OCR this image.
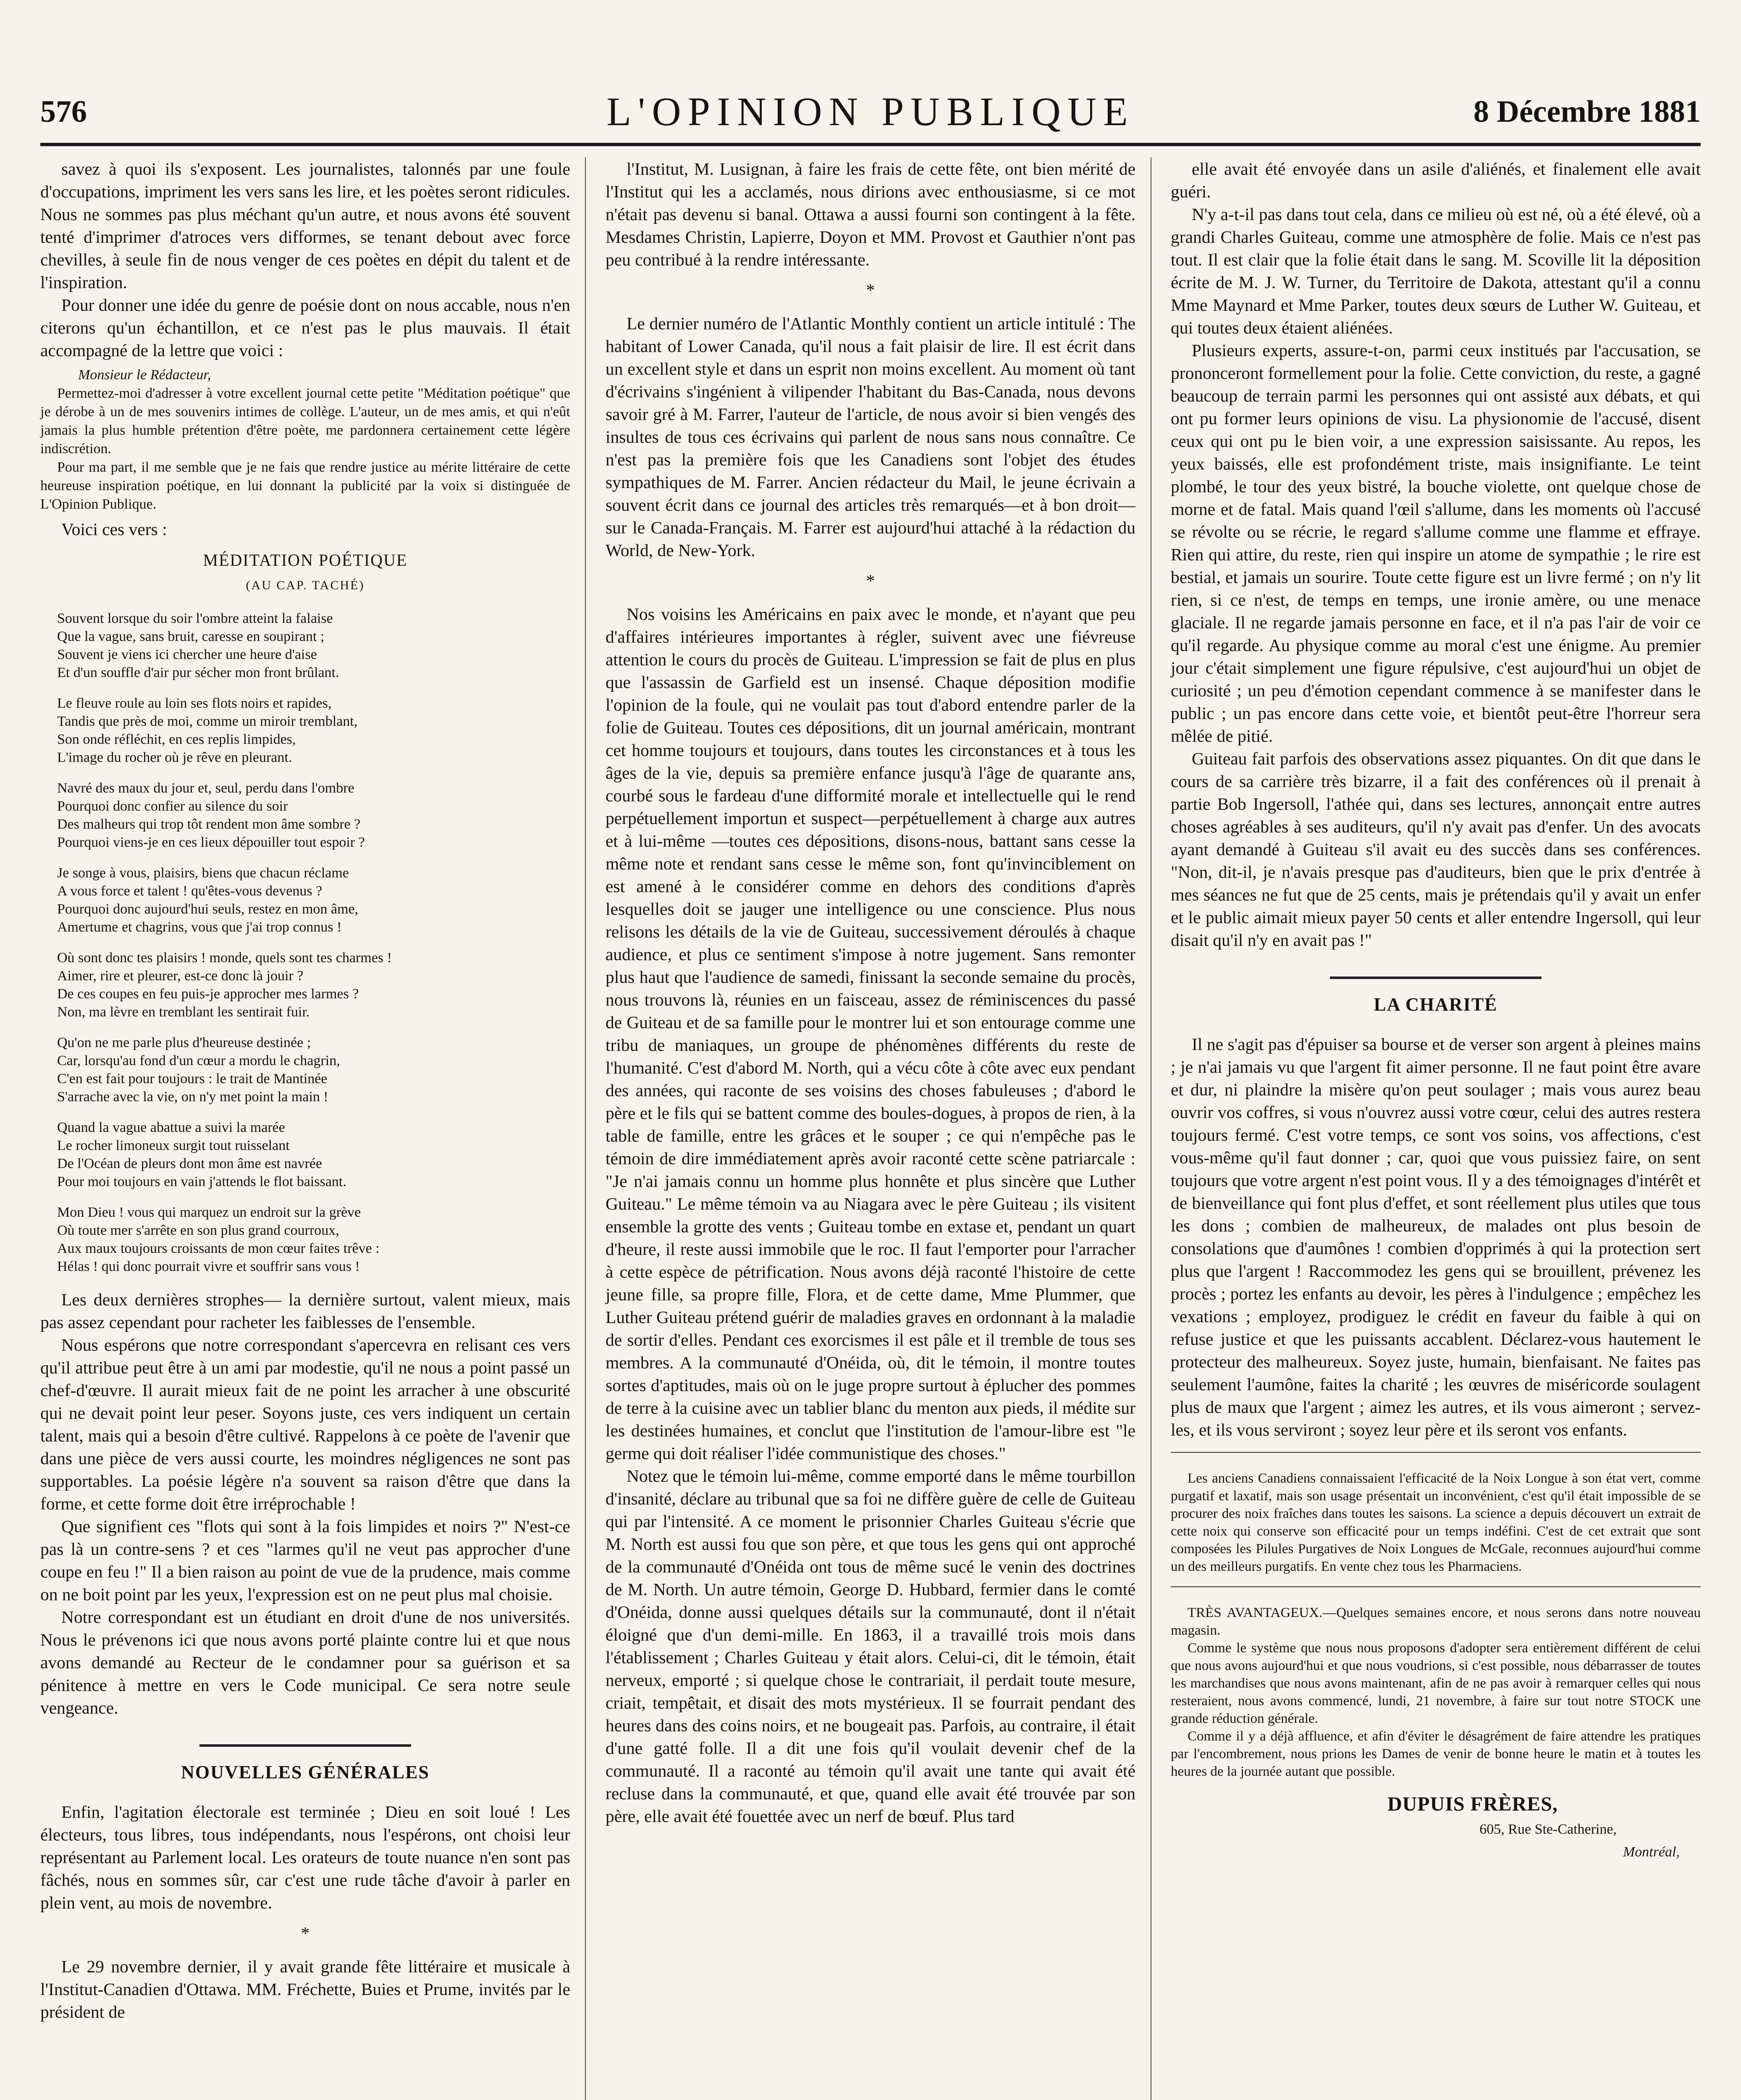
576	L'OPINION PUBLIQUE	8 Décembre 1881

savez à quoi ils s'exposent. Les journalistes, talonnés par une foule d'occupations, impriment les vers sans les lire, et les poètes seront ridicules. Nous ne sommes pas plus méchant qu'un autre, et nous avons été souvent tenté d'imprimer d'atroces vers difformes, se tenant debout avec force chevilles, à seule fin de nous venger de ces poètes en dépit du talent et de l'inspiration.

Pour donner une idée du genre de poésie dont on nous accable, nous n'en citerons qu'un échantillon, et ce n'est pas le plus mauvais. Il était accompagné de la lettre que voici :

Monsieur le Rédacteur,

Permettez-moi d'adresser à votre excellent journal cette petite "Méditation poétique" que je dérobe à un de mes souvenirs intimes de collège. L'auteur, un de mes amis, et qui n'eût jamais la plus humble prétention d'être poète, me pardonnera certainement cette légère indiscrétion.

Pour ma part, il me semble que je ne fais que rendre justice au mérite littéraire de cette heureuse inspiration poétique, en lui donnant la publicité par la voix si distinguée de L'Opinion Publique.

Voici ces vers :

MÉDITATION POÉTIQUE
(AU CAP. TACHÉ)
Souvent lorsque du soir l'ombre atteint la falaise
Que la vague, sans bruit, caresse en soupirant ;
Souvent je viens ici chercher une heure d'aise
Et d'un souffle d'air pur sécher mon front brûlant.
Le fleuve roule au loin ses flots noirs et rapides,
Tandis que près de moi, comme un miroir tremblant,
Son onde réfléchit, en ces replis limpides,
L'image du rocher où je rêve en pleurant.
Navré des maux du jour et, seul, perdu dans l'ombre
Pourquoi donc confier au silence du soir
Des malheurs qui trop tôt rendent mon âme sombre ?
Pourquoi viens-je en ces lieux dépouiller tout espoir ?
Je songe à vous, plaisirs, biens que chacun réclame
A vous force et talent ! qu'êtes-vous devenus ?
Pourquoi donc aujourd'hui seuls, restez en mon âme,
Amertume et chagrins, vous que j'ai trop connus !
Où sont donc tes plaisirs ! monde, quels sont tes charmes !
Aimer, rire et pleurer, est-ce donc là jouir ?
De ces coupes en feu puis-je approcher mes larmes ?
Non, ma lèvre en tremblant les sentirait fuir.
Qu'on ne me parle plus d'heureuse destinée ;
Car, lorsqu'au fond d'un cœur a mordu le chagrin,
C'en est fait pour toujours : le trait de Mantinée
S'arrache avec la vie, on n'y met point la main !
Quand la vague abattue a suivi la marée
Le rocher limoneux surgit tout ruisselant
De l'Océan de pleurs dont mon âme est navrée
Pour moi toujours en vain j'attends le flot baissant.
Mon Dieu ! vous qui marquez un endroit sur la grève
Où toute mer s'arrête en son plus grand courroux,
Aux maux toujours croissants de mon cœur faites trêve :
Hélas ! qui donc pourrait vivre et souffrir sans vous !

Les deux dernières strophes— la dernière surtout, valent mieux, mais pas assez cependant pour racheter les faiblesses de l'ensemble.

Nous espérons que notre correspondant s'apercevra en relisant ces vers qu'il attribue peut être à un ami par modestie, qu'il ne nous a point passé un chef-d'œuvre. Il aurait mieux fait de ne point les arracher à une obscurité qui ne devait point leur peser. Soyons juste, ces vers indiquent un certain talent, mais qui a besoin d'être cultivé. Rappelons à ce poète de l'avenir que dans une pièce de vers aussi courte, les moindres négligences ne sont pas supportables. La poésie légère n'a souvent sa raison d'être que dans la forme, et cette forme doit être irréprochable !

Que signifient ces "flots qui sont à la fois limpides et noirs ?" N'est-ce pas là un contre-sens ? et ces "larmes qu'il ne veut pas approcher d'une coupe en feu !" Il a bien raison au point de vue de la prudence, mais comme on ne boit point par les yeux, l'expression est on ne peut plus mal choisie.

Notre correspondant est un étudiant en droit d'une de nos universités. Nous le prévenons ici que nous avons porté plainte contre lui et que nous avons demandé au Recteur de le condamner pour sa guérison et sa pénitence à mettre en vers le Code municipal. Ce sera notre seule vengeance.

NOUVELLES GÉNÉRALES

Enfin, l'agitation électorale est terminée ; Dieu en soit loué ! Les électeurs, tous libres, tous indépendants, nous l'espérons, ont choisi leur représentant au Parlement local. Les orateurs de toute nuance n'en sont pas fâchés, nous en sommes sûr, car c'est une rude tâche d'avoir à parler en plein vent, au mois de novembre.

*

Le 29 novembre dernier, il y avait grande fête littéraire et musicale à l'Institut-Canadien d'Ottawa. MM. Fréchette, Buies et Prume, invités par le président de

l'Institut, M. Lusignan, à faire les frais de cette fête, ont bien mérité de l'Institut qui les a acclamés, nous dirions avec enthousiasme, si ce mot n'était pas devenu si banal. Ottawa a aussi fourni son contingent à la fête. Mesdames Christin, Lapierre, Doyon et MM. Provost et Gauthier n'ont pas peu contribué à la rendre intéressante.

*

Le dernier numéro de l'Atlantic Monthly contient un article intitulé : The habitant of Lower Canada, qu'il nous a fait plaisir de lire. Il est écrit dans un excellent style et dans un esprit non moins excellent. Au moment où tant d'écrivains s'ingénient à vilipender l'habitant du Bas-Canada, nous devons savoir gré à M. Farrer, l'auteur de l'article, de nous avoir si bien vengés des insultes de tous ces écrivains qui parlent de nous sans nous connaître. Ce n'est pas la première fois que les Canadiens sont l'objet des études sympathiques de M. Farrer. Ancien rédacteur du Mail, le jeune écrivain a souvent écrit dans ce journal des articles très remarqués—et à bon droit—sur le Canada-Français. M. Farrer est aujourd'hui attaché à la rédaction du World, de New-York.

*

Nos voisins les Américains en paix avec le monde, et n'ayant que peu d'affaires intérieures importantes à régler, suivent avec une fiévreuse attention le cours du procès de Guiteau. L'impression se fait de plus en plus que l'assassin de Garfield est un insensé. Chaque déposition modifie l'opinion de la foule, qui ne voulait pas tout d'abord entendre parler de la folie de Guiteau. Toutes ces dépositions, dit un journal américain, montrant cet homme toujours et toujours, dans toutes les circonstances et à tous les âges de la vie, depuis sa première enfance jusqu'à l'âge de quarante ans, courbé sous le fardeau d'une difformité morale et intellectuelle qui le rend perpétuellement importun et suspect—perpétuellement à charge aux autres et à lui-même —toutes ces dépositions, disons-nous, battant sans cesse la même note et rendant sans cesse le même son, font qu'invinciblement on est amené à le considérer comme en dehors des conditions d'après lesquelles doit se jauger une intelligence ou une conscience. Plus nous relisons les détails de la vie de Guiteau, successivement déroulés à chaque audience, et plus ce sentiment s'impose à notre jugement. Sans remonter plus haut que l'audience de samedi, finissant la seconde semaine du procès, nous trouvons là, réunies en un faisceau, assez de réminiscences du passé de Guiteau et de sa famille pour le montrer lui et son entourage comme une tribu de maniaques, un groupe de phénomènes différents du reste de l'humanité. C'est d'abord M. North, qui a vécu côte à côte avec eux pendant des années, qui raconte de ses voisins des choses fabuleuses ; d'abord le père et le fils qui se battent comme des boules-dogues, à propos de rien, à la table de famille, entre les grâces et le souper ; ce qui n'empêche pas le témoin de dire immédiatement après avoir raconté cette scène patriarcale : "Je n'ai jamais connu un homme plus honnête et plus sincère que Luther Guiteau." Le même témoin va au Niagara avec le père Guiteau ; ils visitent ensemble la grotte des vents ; Guiteau tombe en extase et, pendant un quart d'heure, il reste aussi immobile que le roc. Il faut l'emporter pour l'arracher à cette espèce de pétrification. Nous avons déjà raconté l'histoire de cette jeune fille, sa propre fille, Flora, et de cette dame, Mme Plummer, que Luther Guiteau prétend guérir de maladies graves en ordonnant à la maladie de sortir d'elles. Pendant ces exorcismes il est pâle et il tremble de tous ses membres. A la communauté d'Onéida, où, dit le témoin, il montre toutes sortes d'aptitudes, mais où on le juge propre surtout à éplucher des pommes de terre à la cuisine avec un tablier blanc du menton aux pieds, il médite sur les destinées humaines, et conclut que l'institution de l'amour-libre est "le germe qui doit réaliser l'idée communistique des choses."

Notez que le témoin lui-même, comme emporté dans le même tourbillon d'insanité, déclare au tribunal que sa foi ne diffère guère de celle de Guiteau qui par l'intensité. A ce moment le prisonnier Charles Guiteau s'écrie que M. North est aussi fou que son père, et que tous les gens qui ont approché de la communauté d'Onéida ont tous de même sucé le venin des doctrines de M. North. Un autre témoin, George D. Hubbard, fermier dans le comté d'Onéida, donne aussi quelques détails sur la communauté, dont il n'était éloigné que d'un demi-mille. En 1863, il a travaillé trois mois dans l'établissement ; Charles Guiteau y était alors. Celui-ci, dit le témoin, était nerveux, emporté ; si quelque chose le contrariait, il perdait toute mesure, criait, tempêtait, et disait des mots mystérieux. Il se fourrait pendant des heures dans des coins noirs, et ne bougeait pas. Parfois, au contraire, il était d'une gatté folle. Il a dit une fois qu'il voulait devenir chef de la communauté. Il a raconté au témoin qu'il avait une tante qui avait été recluse dans la communauté, et que, quand elle avait été trouvée par son père, elle avait été fouettée avec un nerf de bœuf. Plus tard

elle avait été envoyée dans un asile d'aliénés, et finalement elle avait guéri.

N'y a-t-il pas dans tout cela, dans ce milieu où est né, où a été élevé, où a grandi Charles Guiteau, comme une atmosphère de folie. Mais ce n'est pas tout. Il est clair que la folie était dans le sang. M. Scoville lit la déposition écrite de M. J. W. Turner, du Territoire de Dakota, attestant qu'il a connu Mme Maynard et Mme Parker, toutes deux sœurs de Luther W. Guiteau, et qui toutes deux étaient aliénées.

Plusieurs experts, assure-t-on, parmi ceux institués par l'accusation, se prononceront formellement pour la folie. Cette conviction, du reste, a gagné beaucoup de terrain parmi les personnes qui ont assisté aux débats, et qui ont pu former leurs opinions de visu. La physionomie de l'accusé, disent ceux qui ont pu le bien voir, a une expression saisissante. Au repos, les yeux baissés, elle est profondément triste, mais insignifiante. Le teint plombé, le tour des yeux bistré, la bouche violette, ont quelque chose de morne et de fatal. Mais quand l'œil s'allume, dans les moments où l'accusé se révolte ou se récrie, le regard s'allume comme une flamme et effraye. Rien qui attire, du reste, rien qui inspire un atome de sympathie ; le rire est bestial, et jamais un sourire. Toute cette figure est un livre fermé ; on n'y lit rien, si ce n'est, de temps en temps, une ironie amère, ou une menace glaciale. Il ne regarde jamais personne en face, et il n'a pas l'air de voir ce qu'il regarde. Au physique comme au moral c'est une énigme. Au premier jour c'était simplement une figure répulsive, c'est aujourd'hui un objet de curiosité ; un peu d'émotion cependant commence à se manifester dans le public ; un pas encore dans cette voie, et bientôt peut-être l'horreur sera mêlée de pitié.

Guiteau fait parfois des observations assez piquantes. On dit que dans le cours de sa carrière très bizarre, il a fait des conférences où il prenait à partie Bob Ingersoll, l'athée qui, dans ses lectures, annonçait entre autres choses agréables à ses auditeurs, qu'il n'y avait pas d'enfer. Un des avocats ayant demandé à Guiteau s'il avait eu des succès dans ses conférences. "Non, dit-il, je n'avais presque pas d'auditeurs, bien que le prix d'entrée à mes séances ne fut que de 25 cents, mais je prétendais qu'il y avait un enfer et le public aimait mieux payer 50 cents et aller entendre Ingersoll, qui leur disait qu'il n'y en avait pas !"

LA CHARITÉ

Il ne s'agit pas d'épuiser sa bourse et de verser son argent à pleines mains ; je n'ai jamais vu que l'argent fit aimer personne. Il ne faut point être avare et dur, ni plaindre la misère qu'on peut soulager ; mais vous aurez beau ouvrir vos coffres, si vous n'ouvrez aussi votre cœur, celui des autres restera toujours fermé. C'est votre temps, ce sont vos soins, vos affections, c'est vous-même qu'il faut donner ; car, quoi que vous puissiez faire, on sent toujours que votre argent n'est point vous. Il y a des témoignages d'intérêt et de bienveillance qui font plus d'effet, et sont réellement plus utiles que tous les dons ; combien de malheureux, de malades ont plus besoin de consolations que d'aumônes ! combien d'opprimés à qui la protection sert plus que l'argent ! Raccommodez les gens qui se brouillent, prévenez les procès ; portez les enfants au devoir, les pères à l'indulgence ; empêchez les vexations ; employez, prodiguez le crédit en faveur du faible à qui on refuse justice et que les puissants accablent. Déclarez-vous hautement le protecteur des malheureux. Soyez juste, humain, bienfaisant. Ne faites pas seulement l'aumône, faites la charité ; les œuvres de miséricorde soulagent plus de maux que l'argent ; aimez les autres, et ils vous aimeront ; servez-les, et ils vous serviront ; soyez leur père et ils seront vos enfants.

Les anciens Canadiens connaissaient l'efficacité de la Noix Longue à son état vert, comme purgatif et laxatif, mais son usage présentait un inconvénient, c'est qu'il était impossible de se procurer des noix fraîches dans toutes les saisons. La science a depuis découvert un extrait de cette noix qui conserve son efficacité pour un temps indéfini. C'est de cet extrait que sont composées les Pilules Purgatives de Noix Longues de McGale, reconnues aujourd'hui comme un des meilleurs purgatifs. En vente chez tous les Pharmaciens.

TRÈS AVANTAGEUX.—Quelques semaines encore, et nous serons dans notre nouveau magasin.

Comme le système que nous nous proposons d'adopter sera entièrement différent de celui que nous avons aujourd'hui et que nous voudrions, si c'est possible, nous débarrasser de toutes les marchandises que nous avons maintenant, afin de ne pas avoir à remarquer celles qui nous resteraient, nous avons commencé, lundi, 21 novembre, à faire sur tout notre STOCK une grande réduction générale.

Comme il y a déjà affluence, et afin d'éviter le désagrément de faire attendre les pratiques par l'encombrement, nous prions les Dames de venir de bonne heure le matin et à toutes les heures de la journée autant que possible.

DUPUIS FRÈRES,
605, Rue Ste-Catherine,
Montréal,
